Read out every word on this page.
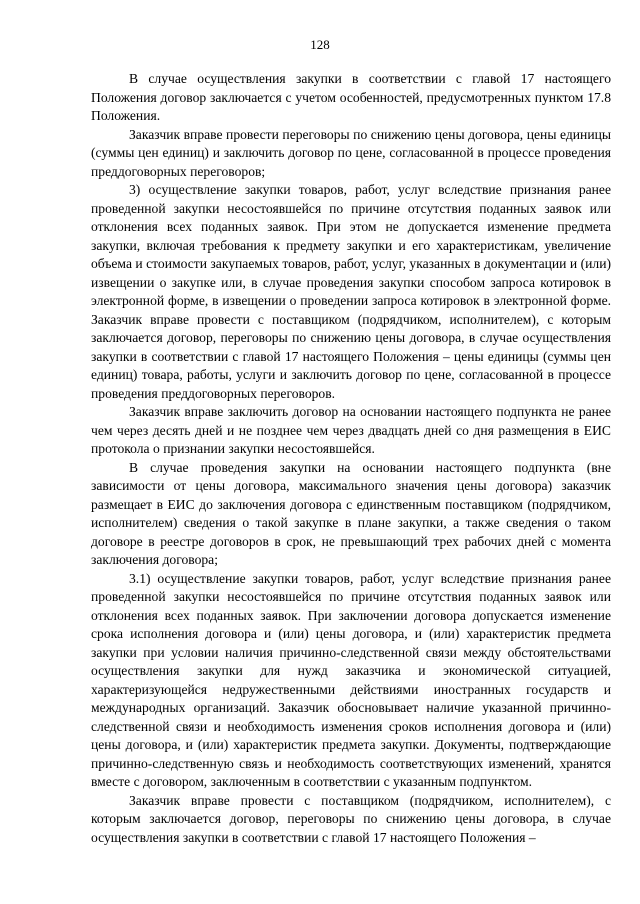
128

В случае осуществления закупки в соответствии с главой 17 настоящего Положения договор заключается с учетом особенностей, предусмотренных пунктом 17.8 Положения.

Заказчик вправе провести переговоры по снижению цены договора, цены единицы (суммы цен единиц) и заключить договор по цене, согласованной в процессе проведения преддоговорных переговоров;

3) осуществление закупки товаров, работ, услуг вследствие признания ранее проведенной закупки несостоявшейся по причине отсутствия поданных заявок или отклонения всех поданных заявок. При этом не допускается изменение предмета закупки, включая требования к предмету закупки и его характеристикам, увеличение объема и стоимости закупаемых товаров, работ, услуг, указанных в документации и (или) извещении о закупке или, в случае проведения закупки способом запроса котировок в электронной форме, в извещении о проведении запроса котировок в электронной форме. Заказчик вправе провести с поставщиком (подрядчиком, исполнителем), с которым заключается договор, переговоры по снижению цены договора, в случае осуществления закупки в соответствии с главой 17 настоящего Положения – цены единицы (суммы цен единиц) товара, работы, услуги и заключить договор по цене, согласованной в процессе проведения преддоговорных переговоров.

Заказчик вправе заключить договор на основании настоящего подпункта не ранее чем через десять дней и не позднее чем через двадцать дней со дня размещения в ЕИС протокола о признании закупки несостоявшейся.

В случае проведения закупки на основании настоящего подпункта (вне зависимости от цены договора, максимального значения цены договора) заказчик размещает в ЕИС до заключения договора с единственным поставщиком (подрядчиком, исполнителем) сведения о такой закупке в плане закупки, а также сведения о таком договоре в реестре договоров в срок, не превышающий трех рабочих дней с момента заключения договора;

3.1) осуществление закупки товаров, работ, услуг вследствие признания ранее проведенной закупки несостоявшейся по причине отсутствия поданных заявок или отклонения всех поданных заявок. При заключении договора допускается изменение срока исполнения договора и (или) цены договора, и (или) характеристик предмета закупки при условии наличия причинно-следственной связи между обстоятельствами осуществления закупки для нужд заказчика и экономической ситуацией, характеризующейся недружественными действиями иностранных государств и международных организаций. Заказчик обосновывает наличие указанной причинно-следственной связи и необходимость изменения сроков исполнения договора и (или) цены договора, и (или) характеристик предмета закупки. Документы, подтверждающие причинно-следственную связь и необходимость соответствующих изменений, хранятся вместе с договором, заключенным в соответствии с указанным подпунктом.

Заказчик вправе провести с поставщиком (подрядчиком, исполнителем), с которым заключается договор, переговоры по снижению цены договора, в случае осуществления закупки в соответствии с главой 17 настоящего Положения –
